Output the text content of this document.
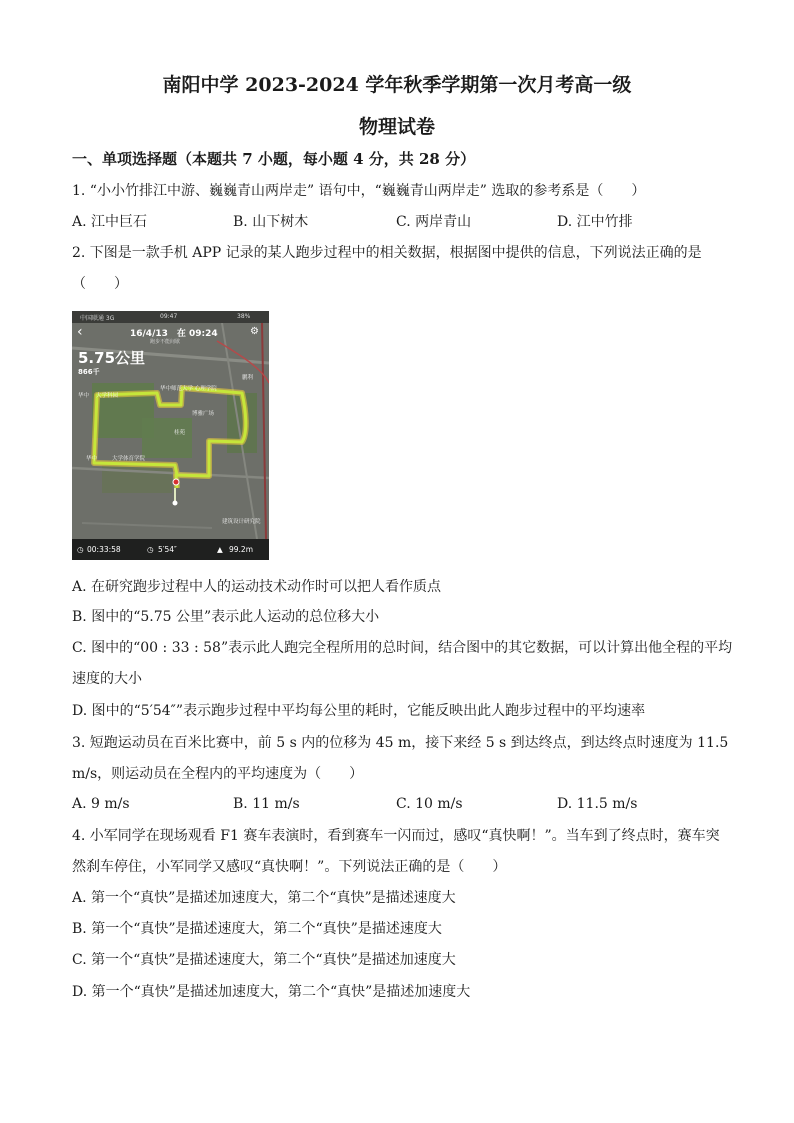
南阳中学 2023-2024 学年秋季学期第一次月考高一级
物理试卷
一、单项选择题（本题共 7 小题，每小题 4 分，共 28 分）
1. “小小竹排江中游、巍巍青山两岸走” 语句中，“巍巍青山两岸走” 选取的参考系是（　　）
A. 江中巨石	B. 山下树木	C. 两岸青山	D. 江中竹排
2. 下图是一款手机 APP 记录的某人跑步过程中的相关数据，根据图中提供的信息，下列说法正确的是
（　　）
中国联通 3G	09:47	38%
‹	16/4/13　在 09:24
跑步不能间歇
⚙
5.75公里
866千
华中师范大学 心理学院
华中 大学科园
博雅广场
桂苑
华中	大学体育学院
建筑设计研究院
鹏利
◷ 00:33:58	◷ 5′54″	▲ 99.2m
A. 在研究跑步过程中人的运动技术动作时可以把人看作质点
B. 图中的“5.75 公里”表示此人运动的总位移大小
C. 图中的“00 : 33 : 58”表示此人跑完全程所用的总时间，结合图中的其它数据，可以计算出他全程的平均
速度的大小
D. 图中的“5′54″”表示跑步过程中平均每公里的耗时，它能反映出此人跑步过程中的平均速率
3. 短跑运动员在百米比赛中，前 5 s 内的位移为 45 m，接下来经 5 s 到达终点，到达终点时速度为 11.5
m/s，则运动员在全程内的平均速度为（　　）
A. 9 m/s	B. 11 m/s	C. 10 m/s	D. 11.5 m/s
4. 小军同学在现场观看 F1 赛车表演时，看到赛车一闪而过，感叹“真快啊！”。当车到了终点时，赛车突
然刹车停住，小军同学又感叹“真快啊！”。下列说法正确的是（　　）
A. 第一个“真快”是描述加速度大，第二个“真快”是描述速度大
B. 第一个“真快”是描述速度大，第二个“真快”是描述速度大
C. 第一个“真快”是描述速度大，第二个“真快”是描述加速度大
D. 第一个“真快”是描述加速度大，第二个“真快”是描述加速度大
